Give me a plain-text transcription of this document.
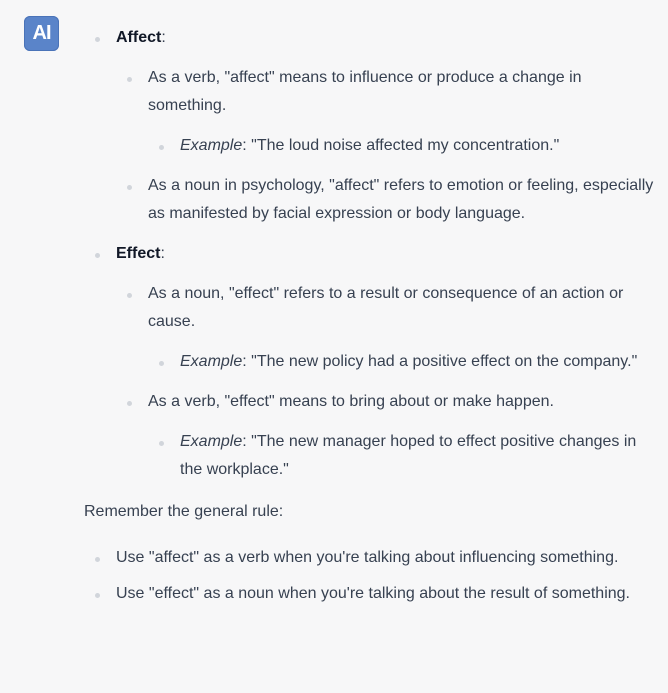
AI	Affect:
As a verb, "affect" means to influence or produce a change in something.
Example: "The loud noise affected my concentration."
As a noun in psychology, "affect" refers to emotion or feeling, especially as manifested by facial expression or body language.
Effect:
As a noun, "effect" refers to a result or consequence of an action or cause.
Example: "The new policy had a positive effect on the company."
As a verb, "effect" means to bring about or make happen.
Example: "The new manager hoped to effect positive changes in the workplace."

Remember the general rule:

Use "affect" as a verb when you're talking about influencing something.
Use "effect" as a noun when you're talking about the result of something.
